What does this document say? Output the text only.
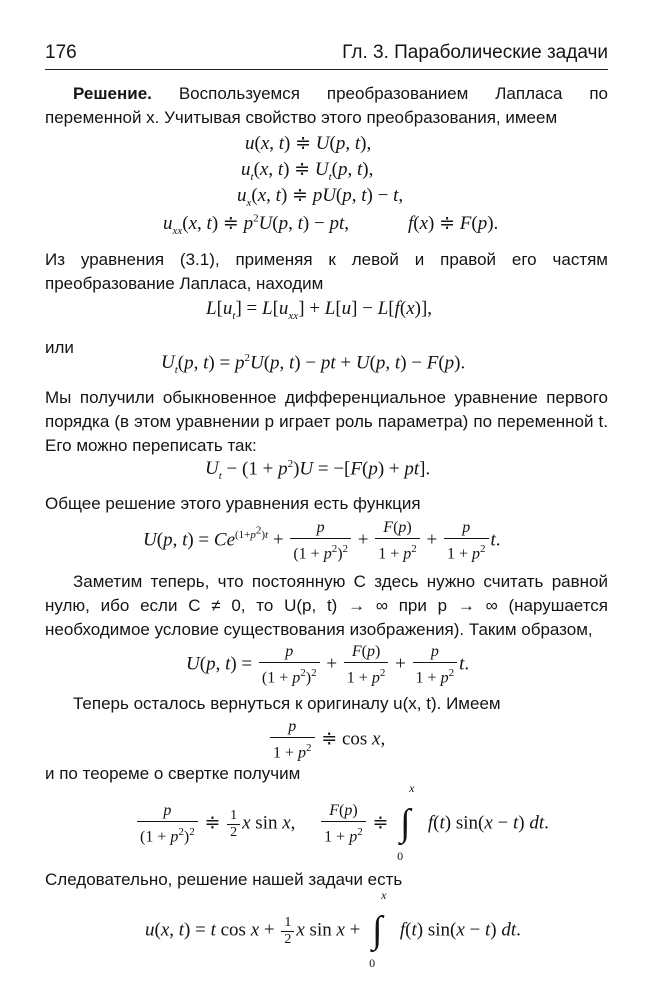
176	Гл. 3. Параболические задачи
Решение. Воспользуемся преобразованием Лапласа по переменной x. Учитывая свойство этого преобразования, имеем
u(x, t) ≑ U(p, t),
$u_t(x$, t) ≑ $U_t(p$, t),
$u_x(x$, t) ≑ pU(p, t) − t,
$u_{xx}(x$, t) ≑ $p^2U(p$, t) − pt,	f(x) ≑ F(p).
Из уравнения (3.1), применяя к левой и правой его частям преобразование Лапласа, находим
$L[u_t] = L[u_{xx}] + L[u] - L[f(x)]$,
или
$U_t(p$, $t) = p^2U(p$, t) − pt + U(p, t) − F(p).
Мы получили обыкновенное дифференциальное уравнение первого порядка (в этом уравнении p играет роль параметра) по переменной t. Его можно переписать так:
$U_t - (1 + p^2)U = -[F(p) + pt]$.
Общее решение этого уравнения есть функция
U(p, $t) = Ce^{(1+p^2)t} + \frac{p}{(1 + p^2)^2} + \frac{F(p)}{1 + p^2} + \frac{p}{1 + p^2} t$.
Заметим теперь, что постоянную C здесь нужно считать равной нулю, ибо если C ≠ 0, то U(p, t) → ∞ при p → ∞ (нарушается необходимое условие существования изображения). Таким образом,
U(p, $t) = \frac{p}{(1 + p^2)^2} + \frac{F(p)}{1 + p^2} + \frac{p}{1 + p^2} t$.
Теперь осталось вернуться к оригиналу u(x, t). Имеем
$\frac{p}{1 + p^2}$ ≑ cos x,
и по теореме о свертке получим
$\frac{p}{(1 + p^2)^2}$ ≑ $\frac{1}{2}$ x sin x, $\frac{F(p)}{1 + p^2}$ ≑
x
∫
0
f(t) sin(x − t) dt.
Следовательно, решение нашей задачи есть
u(x, t) = t $\cos x + \frac{1}{2}$ x sin x +
x
∫
0
f(t) sin(x − t) dt.
